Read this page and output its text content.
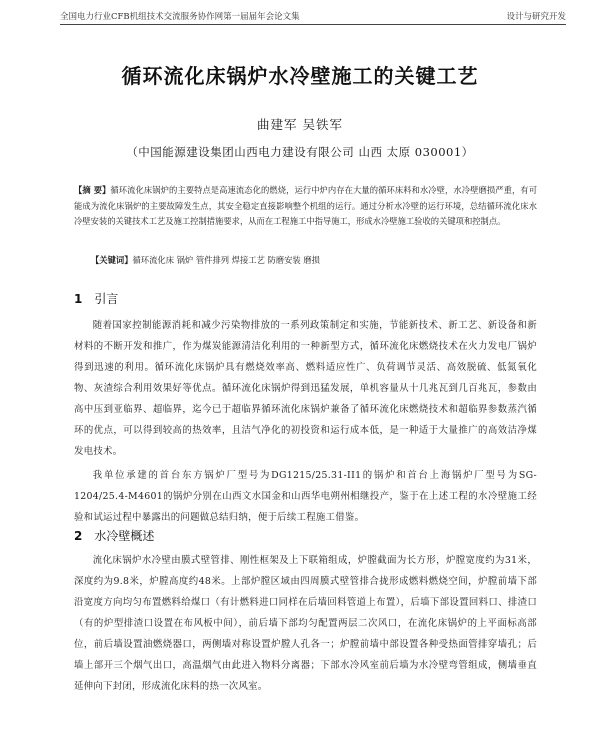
全国电力行业CFB机组技术交流服务协作网第一届届年会论文集	设计与研究开发
循环流化床锅炉水冷壁施工的关键工艺
曲建军 吴铁军
（中国能源建设集团山西电力建设有限公司 山西 太原 030001）
【摘 要】循环流化床锅炉的主要特点是高速流态化的燃烧，运行中炉内存在大量的循环床料和水冷壁，水冷壁磨损严重，有可能成为流化床锅炉的主要故障发生点，其安全稳定直接影响整个机组的运行。通过分析水冷壁的运行环境，总结循环流化床水冷壁安装的关键技术工艺及施工控制措施要求，从而在工程施工中指导施工，形成水冷壁施工验收的关键项和控制点。
【关键词】循环流化床 锅炉 管件排列 焊接工艺 防磨安装 磨损
1 引言

随着国家控制能源消耗和减少污染物排放的一系列政策制定和实施，节能新技术、新工艺、新设备和新材料的不断开发和推广，作为煤炭能源清洁化利用的一种新型方式，循环流化床燃烧技术在火力发电厂锅炉得到迅速的利用。循环流化床锅炉具有燃烧效率高、燃料适应性广、负荷调节灵活、高效脱硫、低氮氧化物、灰渣综合利用效果好等优点。循环流化床锅炉得到迅猛发展，单机容量从十几兆瓦到几百兆瓦，参数由高中压到亚临界、超临界，迄今已于超临界循环流化床锅炉兼备了循环流化床燃烧技术和超临界参数蒸汽循环的优点，可以得到较高的热效率，且洁气净化的初投资和运行成本低，是一种适于大量推广的高效洁净煤发电技术。

我单位承建的首台东方锅炉厂型号为DG1215/25.31-II1的锅炉和首台上海锅炉厂型号为SG-1204/25.4-M4601的锅炉分别在山西文水国金和山西华电朔州相继投产，鉴于在上述工程的水冷壁施工经验和试运过程中暴露出的问题做总结归纳，便于后续工程施工借鉴。

2 水冷壁概述

流化床锅炉水冷壁由膜式壁管排、刚性框架及上下联箱组成，炉膛截面为长方形，炉膛宽度约为31米，深度约为9.8米，炉膛高度约48米。上部炉膛区域由四周膜式壁管排合拢形成燃料燃烧空间，炉膛前墙下部沿宽度方向均匀布置燃料给煤口（有计燃料进口同样在后墙回料管道上布置），后墙下部设置回料口、排渣口（有的炉型排渣口设置在布风板中间），前后墙下部均匀配置两层二次风口，在流化床锅炉的上平面标高部位，前后墙设置油燃烧器口，两侧墙对称设置炉膛人孔各一；炉膛前墙中部设置各种受热面管排穿墙孔；后墙上部开三个烟气出口，高温烟气由此进入物料分离器；下部水冷风室前后墙为水冷壁弯管组成，侧墙垂直延伸向下封闭，形成流化床料的热一次风室。
